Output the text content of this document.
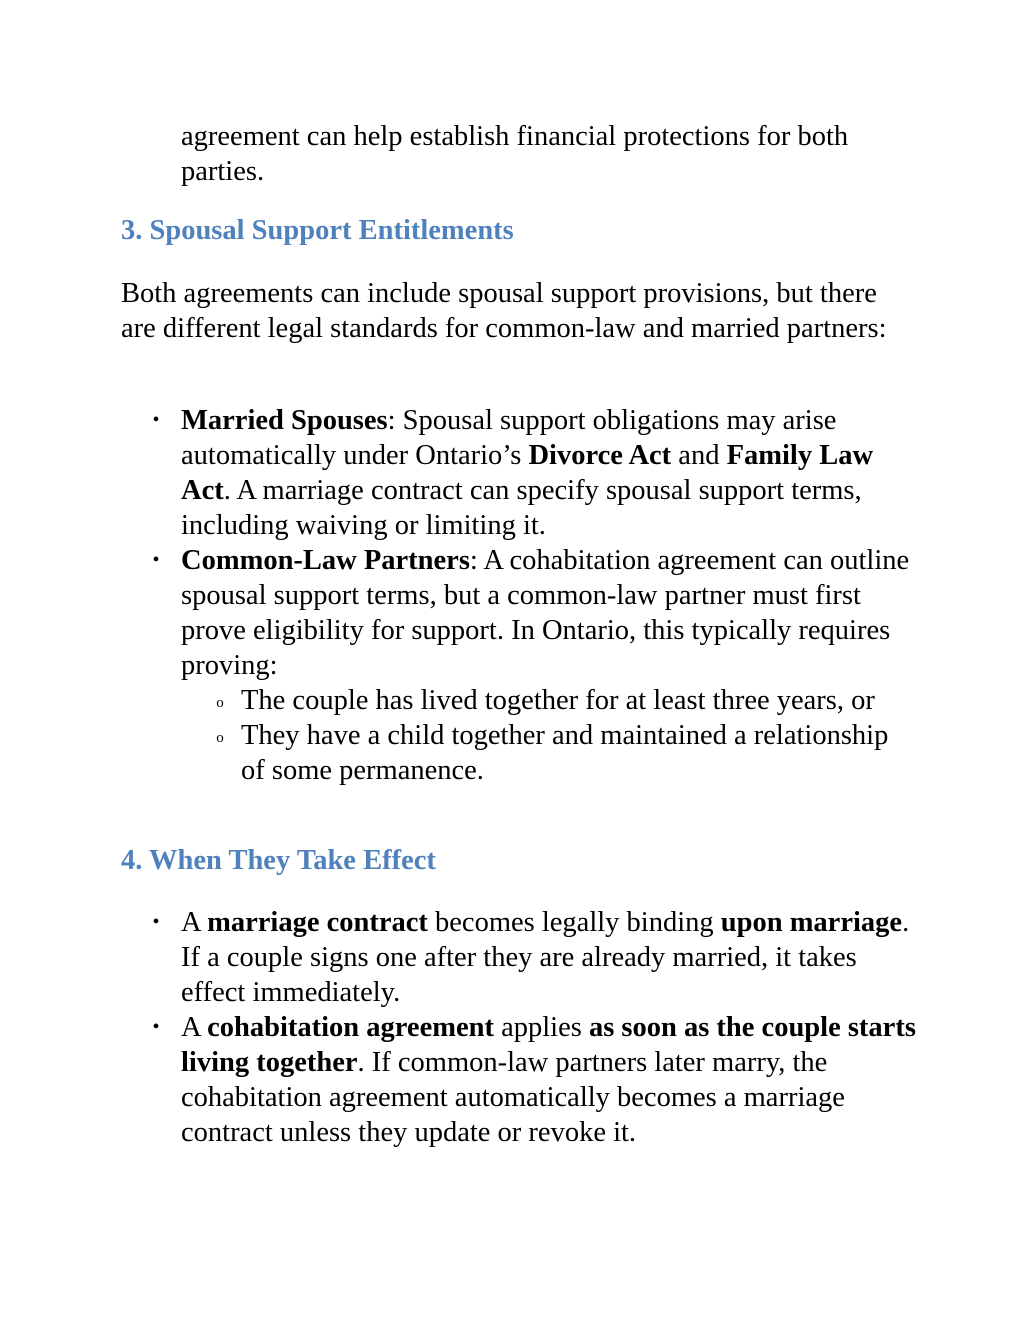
agreement can help establish financial protections for both parties.

3. Spousal Support Entitlements

Both agreements can include spousal support provisions, but there are different legal standards for common-law and married partners:

• Married Spouses: Spousal support obligations may arise automatically under Ontario’s Divorce Act and Family Law Act. A marriage contract can specify spousal support terms, including waiving or limiting it.
• Common-Law Partners: A cohabitation agreement can outline spousal support terms, but a common-law partner must first prove eligibility for support. In Ontario, this typically requires proving:
o The couple has lived together for at least three years, or
o They have a child together and maintained a relationship of some permanence.
4. When They Take Effect
• A marriage contract becomes legally binding upon marriage. If a couple signs one after they are already married, it takes effect immediately.
• A cohabitation agreement applies as soon as the couple starts living together. If common-law partners later marry, the cohabitation agreement automatically becomes a marriage contract unless they update or revoke it.
